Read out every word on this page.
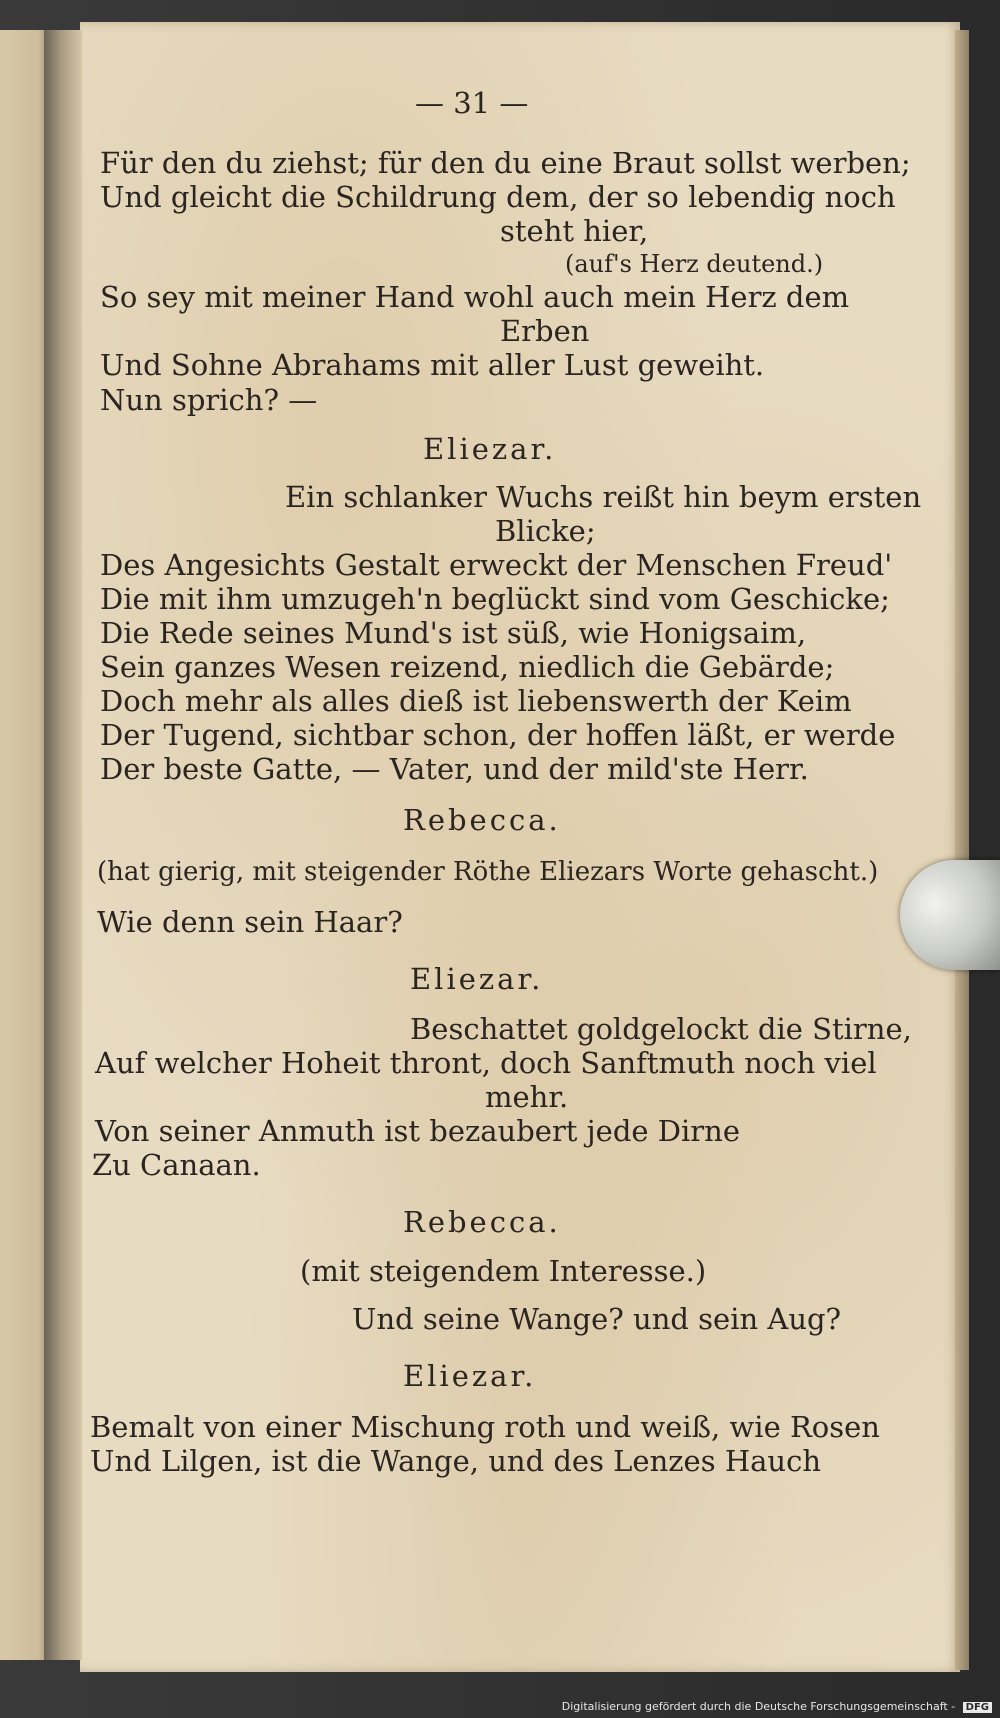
— 31 —

Für den du ziehst; für den du eine Braut sollst werben;

Und gleicht die Schildrung dem, der so lebendig noch

steht hier,

(auf's Herz deutend.)

So sey mit meiner Hand wohl auch mein Herz dem

Erben

Und Sohne Abrahams mit aller Lust geweiht.

Nun sprich? —

Eliezar.

Ein schlanker Wuchs reißt hin beym ersten

Blicke;

Des Angesichts Gestalt erweckt der Menschen Freud'

Die mit ihm umzugeh'n beglückt sind vom Geschicke;

Die Rede seines Mund's ist süß, wie Honigsaim,

Sein ganzes Wesen reizend, niedlich die Gebärde;

Doch mehr als alles dieß ist liebenswerth der Keim

Der Tugend, sichtbar schon, der hoffen läßt, er werde

Der beste Gatte, — Vater, und der mild'ste Herr.

Rebecca.

(hat gierig, mit steigender Röthe Eliezars Worte gehascht.)

Wie denn sein Haar?

Eliezar.

Beschattet goldgelockt die Stirne,

Auf welcher Hoheit thront, doch Sanftmuth noch viel

mehr.

Von seiner Anmuth ist bezaubert jede Dirne

Zu Canaan.

Rebecca.

(mit steigendem Interesse.)

Und seine Wange? und sein Aug?

Eliezar.

Bemalt von einer Mischung roth und weiß, wie Rosen

Und Lilgen, ist die Wange, und des Lenzes Hauch

Digitalisierung gefördert durch die Deutsche Forschungsgemeinschaft - DFG
